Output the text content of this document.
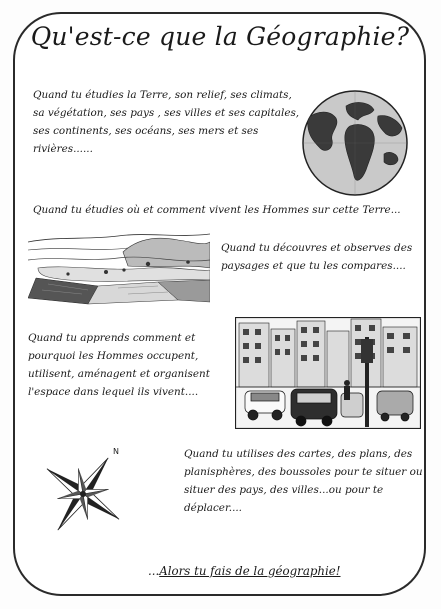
Qu'est-ce que la Géographie?
Quand tu étudies la Terre, son relief, ses climats, sa végétation, ses pays , ses villes et ses capitales, ses continents, ses océans, ses mers et ses rivières......
Quand tu étudies où et comment vivent les Hommes sur cette Terre...
Quand tu découvres et observes des paysages et que tu les compares....
Quand tu apprends comment et pourquoi les Hommes occupent, utilisent, aménagent et organisent l'espace dans lequel ils vivent....
Quand tu utilises des cartes, des plans, des planisphères, des boussoles pour te situer ou situer des pays, des villes...ou pour te déplacer....
N
...Alors tu fais de la géographie!
